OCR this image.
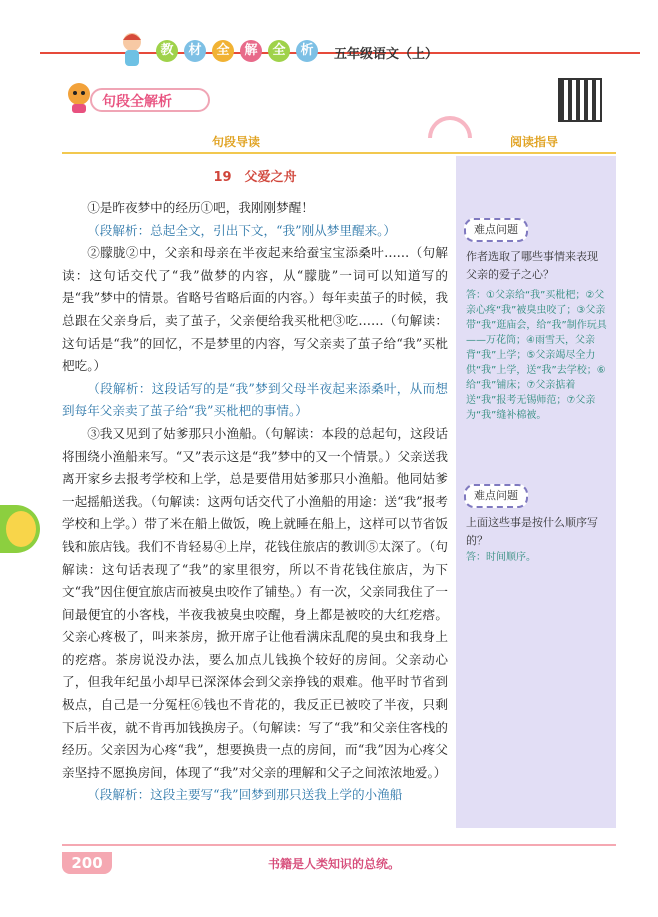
教	材	全	解	全	析	五年级语文（上）
句段全解析
句段导读	阅读指导
难点问题
作者选取了哪些事情来表现父亲的爱子之心？
答：①父亲给“我”买枇杷；②父亲心疼“我”被臭虫咬了；③父亲带“我”逛庙会，给“我”制作玩具——万花筒；④雨雪天，父亲背“我”上学；⑤父亲竭尽全力供“我”上学，送“我”去学校；⑥给“我”铺床；⑦父亲掂着送“我”报考无锡师范；⑦父亲为“我”缝补棉被。
难点问题
上面这些事是按什么顺序写的？
答：时间顺序。
19　父爱之舟

①是昨夜梦中的经历①吧，我刚刚梦醒！

（段解析：总起全文，引出下文，“我”刚从梦里醒来。）

②朦胧②中，父亲和母亲在半夜起来给蚕宝宝添桑叶……（句解读：这句话交代了“我”做梦的内容，从“朦胧”一词可以知道写的是“我”梦中的情景。省略号省略后面的内容。）每年卖茧子的时候，我总跟在父亲身后，卖了茧子，父亲便给我买枇杷③吃……（句解读：这句话是“我”的回忆，不是梦里的内容，写父亲卖了茧子给“我”买枇杷吃。）

（段解析：这段话写的是“我”梦到父母半夜起来添桑叶，从而想到每年父亲卖了茧子给“我”买枇杷的事情。）

③我又见到了姑爹那只小渔船。（句解读：本段的总起句，这段话将围绕小渔船来写。“又”表示这是“我”梦中的又一个情景。）父亲送我离开家乡去报考学校和上学，总是要借用姑爹那只小渔船。他同姑爹一起摇船送我。（句解读：这两句话交代了小渔船的用途：送“我”报考学校和上学。）带了米在船上做饭，晚上就睡在船上，这样可以节省饭钱和旅店钱。我们不肯轻易④上岸，花钱住旅店的教训⑤太深了。（句解读：这句话表现了“我”的家里很穷，所以不肯花钱住旅店，为下文“我”因住便宜旅店而被臭虫咬作了铺垫。）有一次，父亲同我住了一间最便宜的小客栈，半夜我被臭虫咬醒，身上都是被咬的大红疙瘩。父亲心疼极了，叫来茶房，掀开席子让他看满床乱爬的臭虫和我身上的疙瘩。茶房说没办法，要么加点儿钱换个较好的房间。父亲动心了，但我年纪虽小却早已深深体会到父亲挣钱的艰难。他平时节省到极点，自己是一分冤枉⑥钱也不肯花的，我反正已被咬了半夜，只剩下后半夜，就不肯再加钱换房子。（句解读：写了“我”和父亲住客栈的经历。父亲因为心疼“我”，想要换贵一点的房间，而“我”因为心疼父亲坚持不愿换房间，体现了“我”对父亲的理解和父子之间浓浓地爱。）

（段解析：这段主要写“我”回梦到那只送我上学的小渔船

200	书籍是人类知识的总统。
